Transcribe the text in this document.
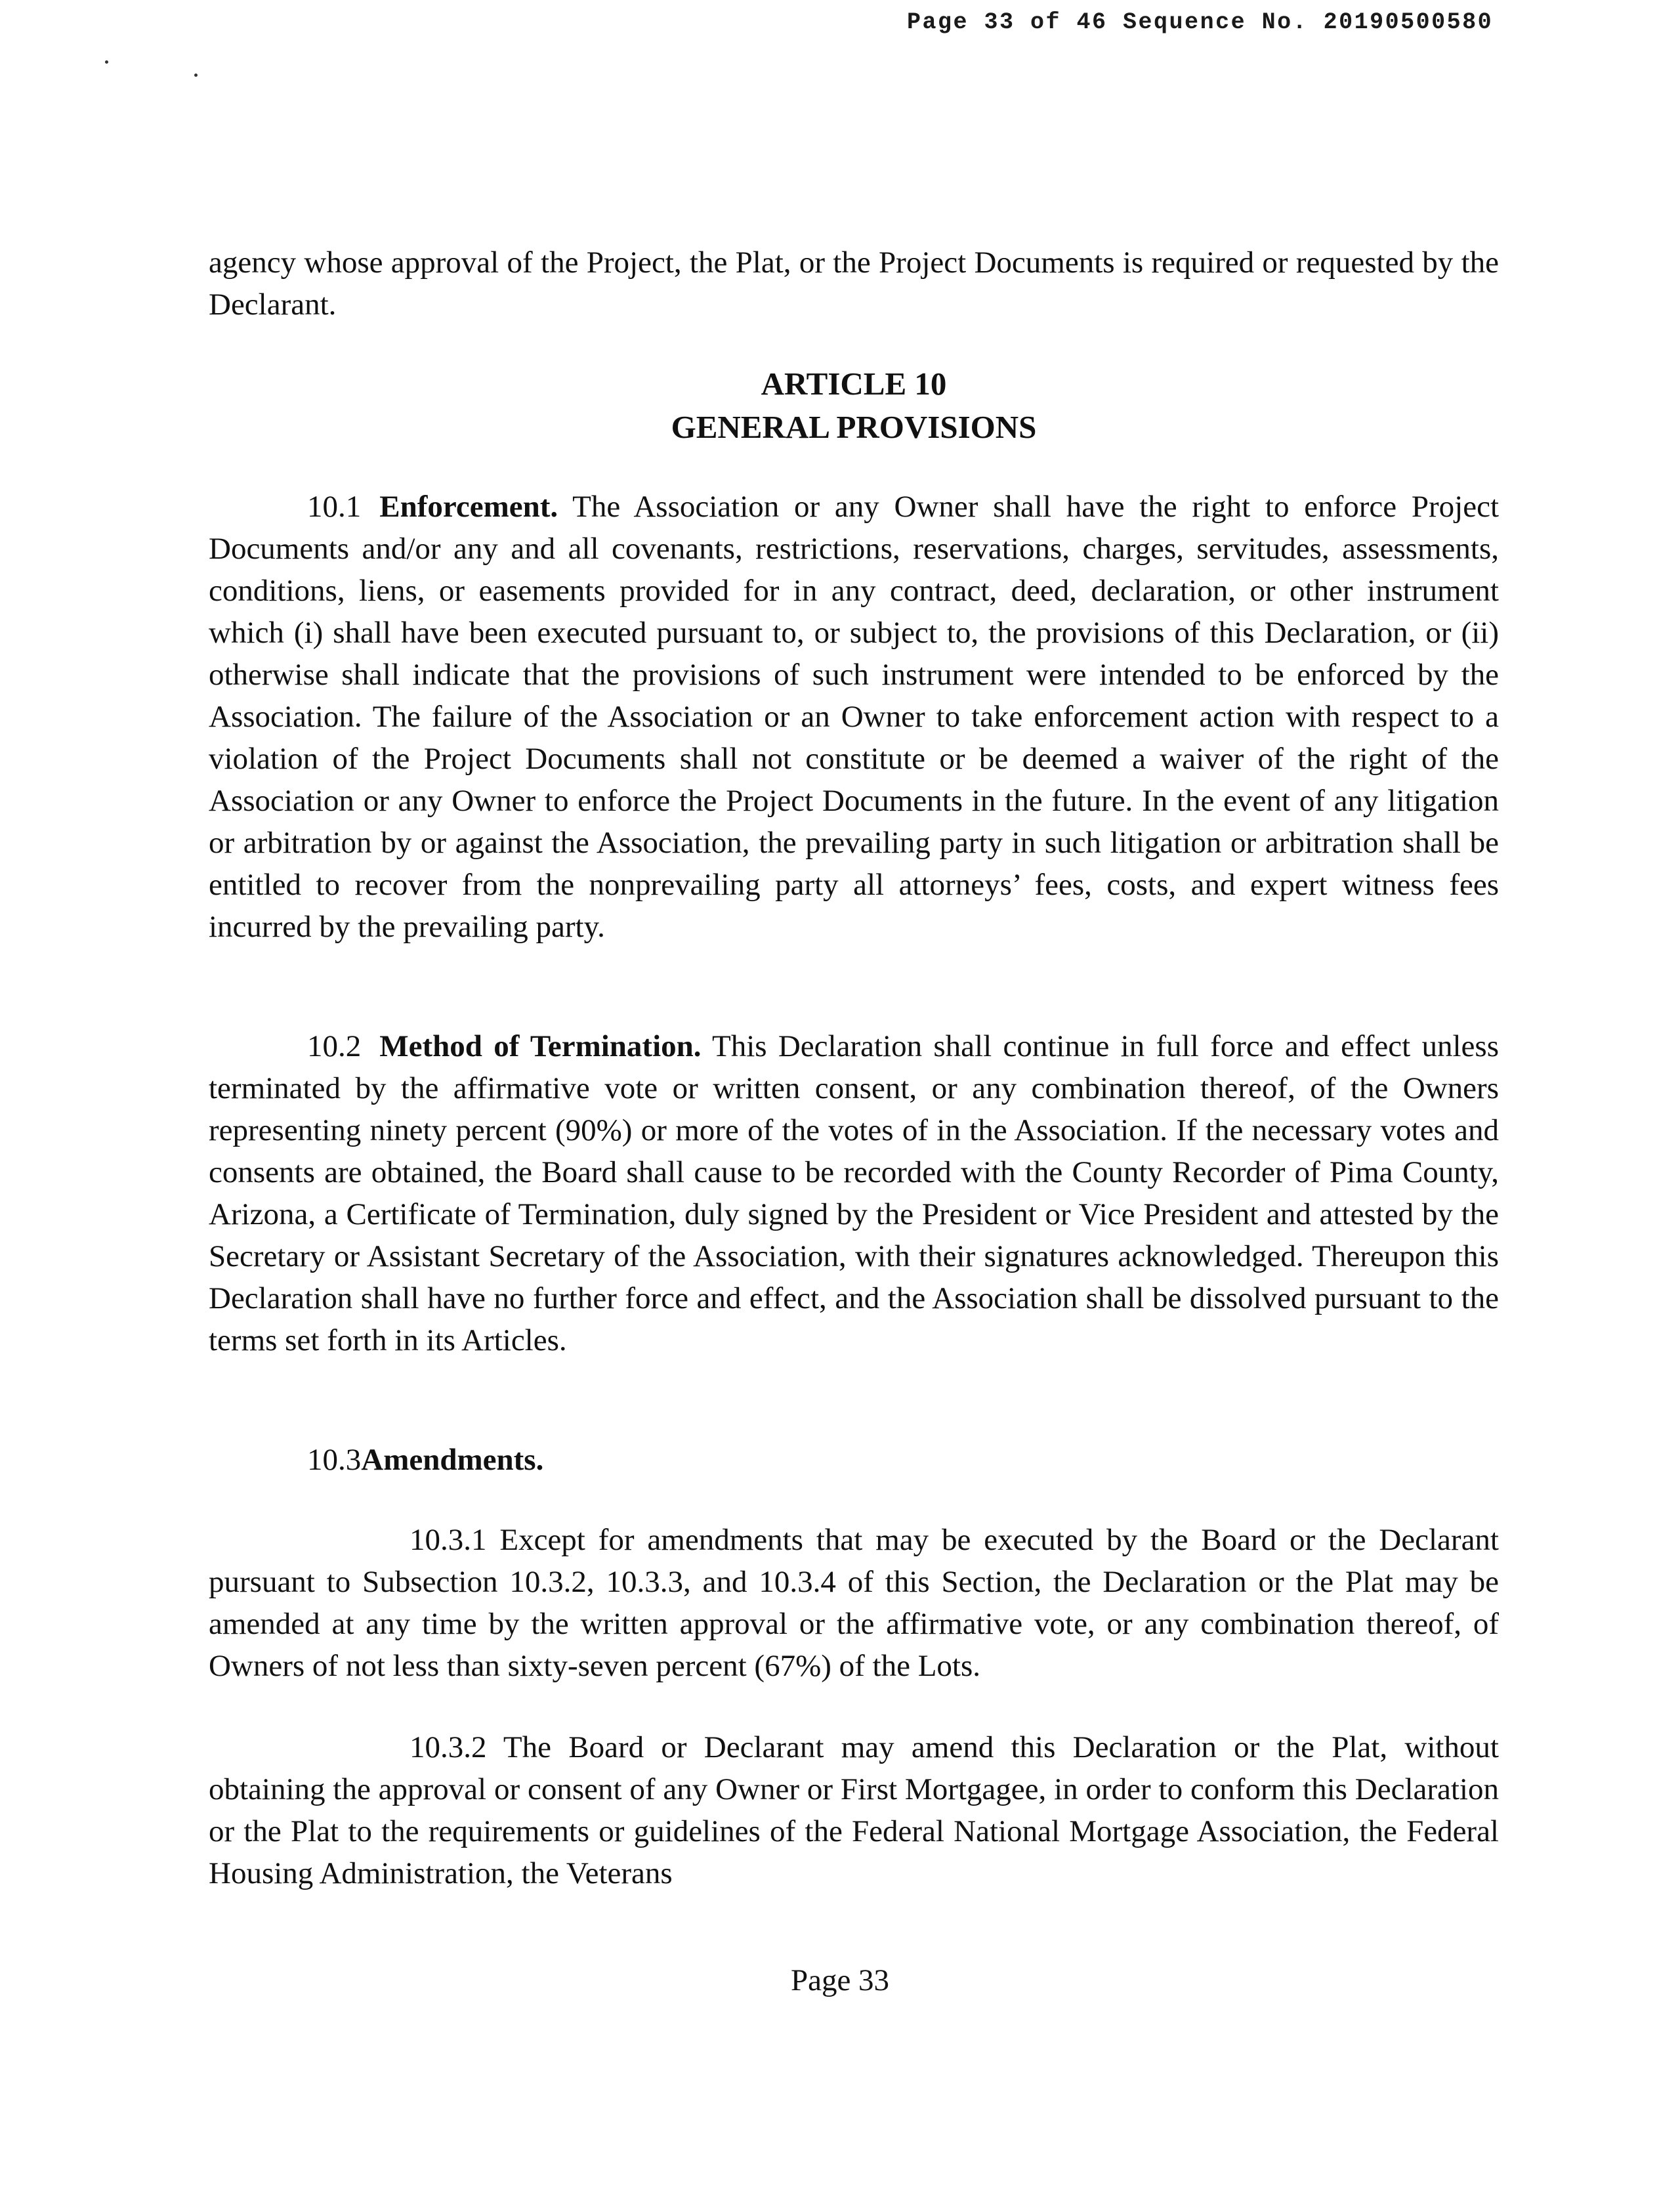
Page 33 of 46 Sequence No. 20190500580

agency whose approval of the Project, the Plat, or the Project Documents is required or requested by the Declarant.

ARTICLE 10
GENERAL PROVISIONS

10.1 Enforcement. The Association or any Owner shall have the right to enforce Project Documents and/or any and all covenants, restrictions, reservations, charges, servitudes, assessments, conditions, liens, or easements provided for in any contract, deed, declaration, or other instrument which (i) shall have been executed pursuant to, or subject to, the provisions of this Declaration, or (ii) otherwise shall indicate that the provisions of such instrument were intended to be enforced by the Association. The failure of the Association or an Owner to take enforcement action with respect to a violation of the Project Documents shall not constitute or be deemed a waiver of the right of the Association or any Owner to enforce the Project Documents in the future. In the event of any litigation or arbitration by or against the Association, the prevailing party in such litigation or arbitration shall be entitled to recover from the nonprevailing party all attorneys’ fees, costs, and expert witness fees incurred by the prevailing party.

10.2 Method of Termination. This Declaration shall continue in full force and effect unless terminated by the affirmative vote or written consent, or any combination thereof, of the Owners representing ninety percent (90%) or more of the votes of in the Association. If the necessary votes and consents are obtained, the Board shall cause to be recorded with the County Recorder of Pima County, Arizona, a Certificate of Termination, duly signed by the President or Vice President and attested by the Secretary or Assistant Secretary of the Association, with their signatures acknowledged. Thereupon this Declaration shall have no further force and effect, and the Association shall be dissolved pursuant to the terms set forth in its Articles.

10.3Amendments.

10.3.1 Except for amendments that may be executed by the Board or the Declarant pursuant to Subsection 10.3.2, 10.3.3, and 10.3.4 of this Section, the Declaration or the Plat may be amended at any time by the written approval or the affirmative vote, or any combination thereof, of Owners of not less than sixty-seven percent (67%) of the Lots.

10.3.2 The Board or Declarant may amend this Declaration or the Plat, without obtaining the approval or consent of any Owner or First Mortgagee, in order to conform this Declaration or the Plat to the requirements or guidelines of the Federal National Mortgage Association, the Federal Housing Administration, the Veterans

Page 33
